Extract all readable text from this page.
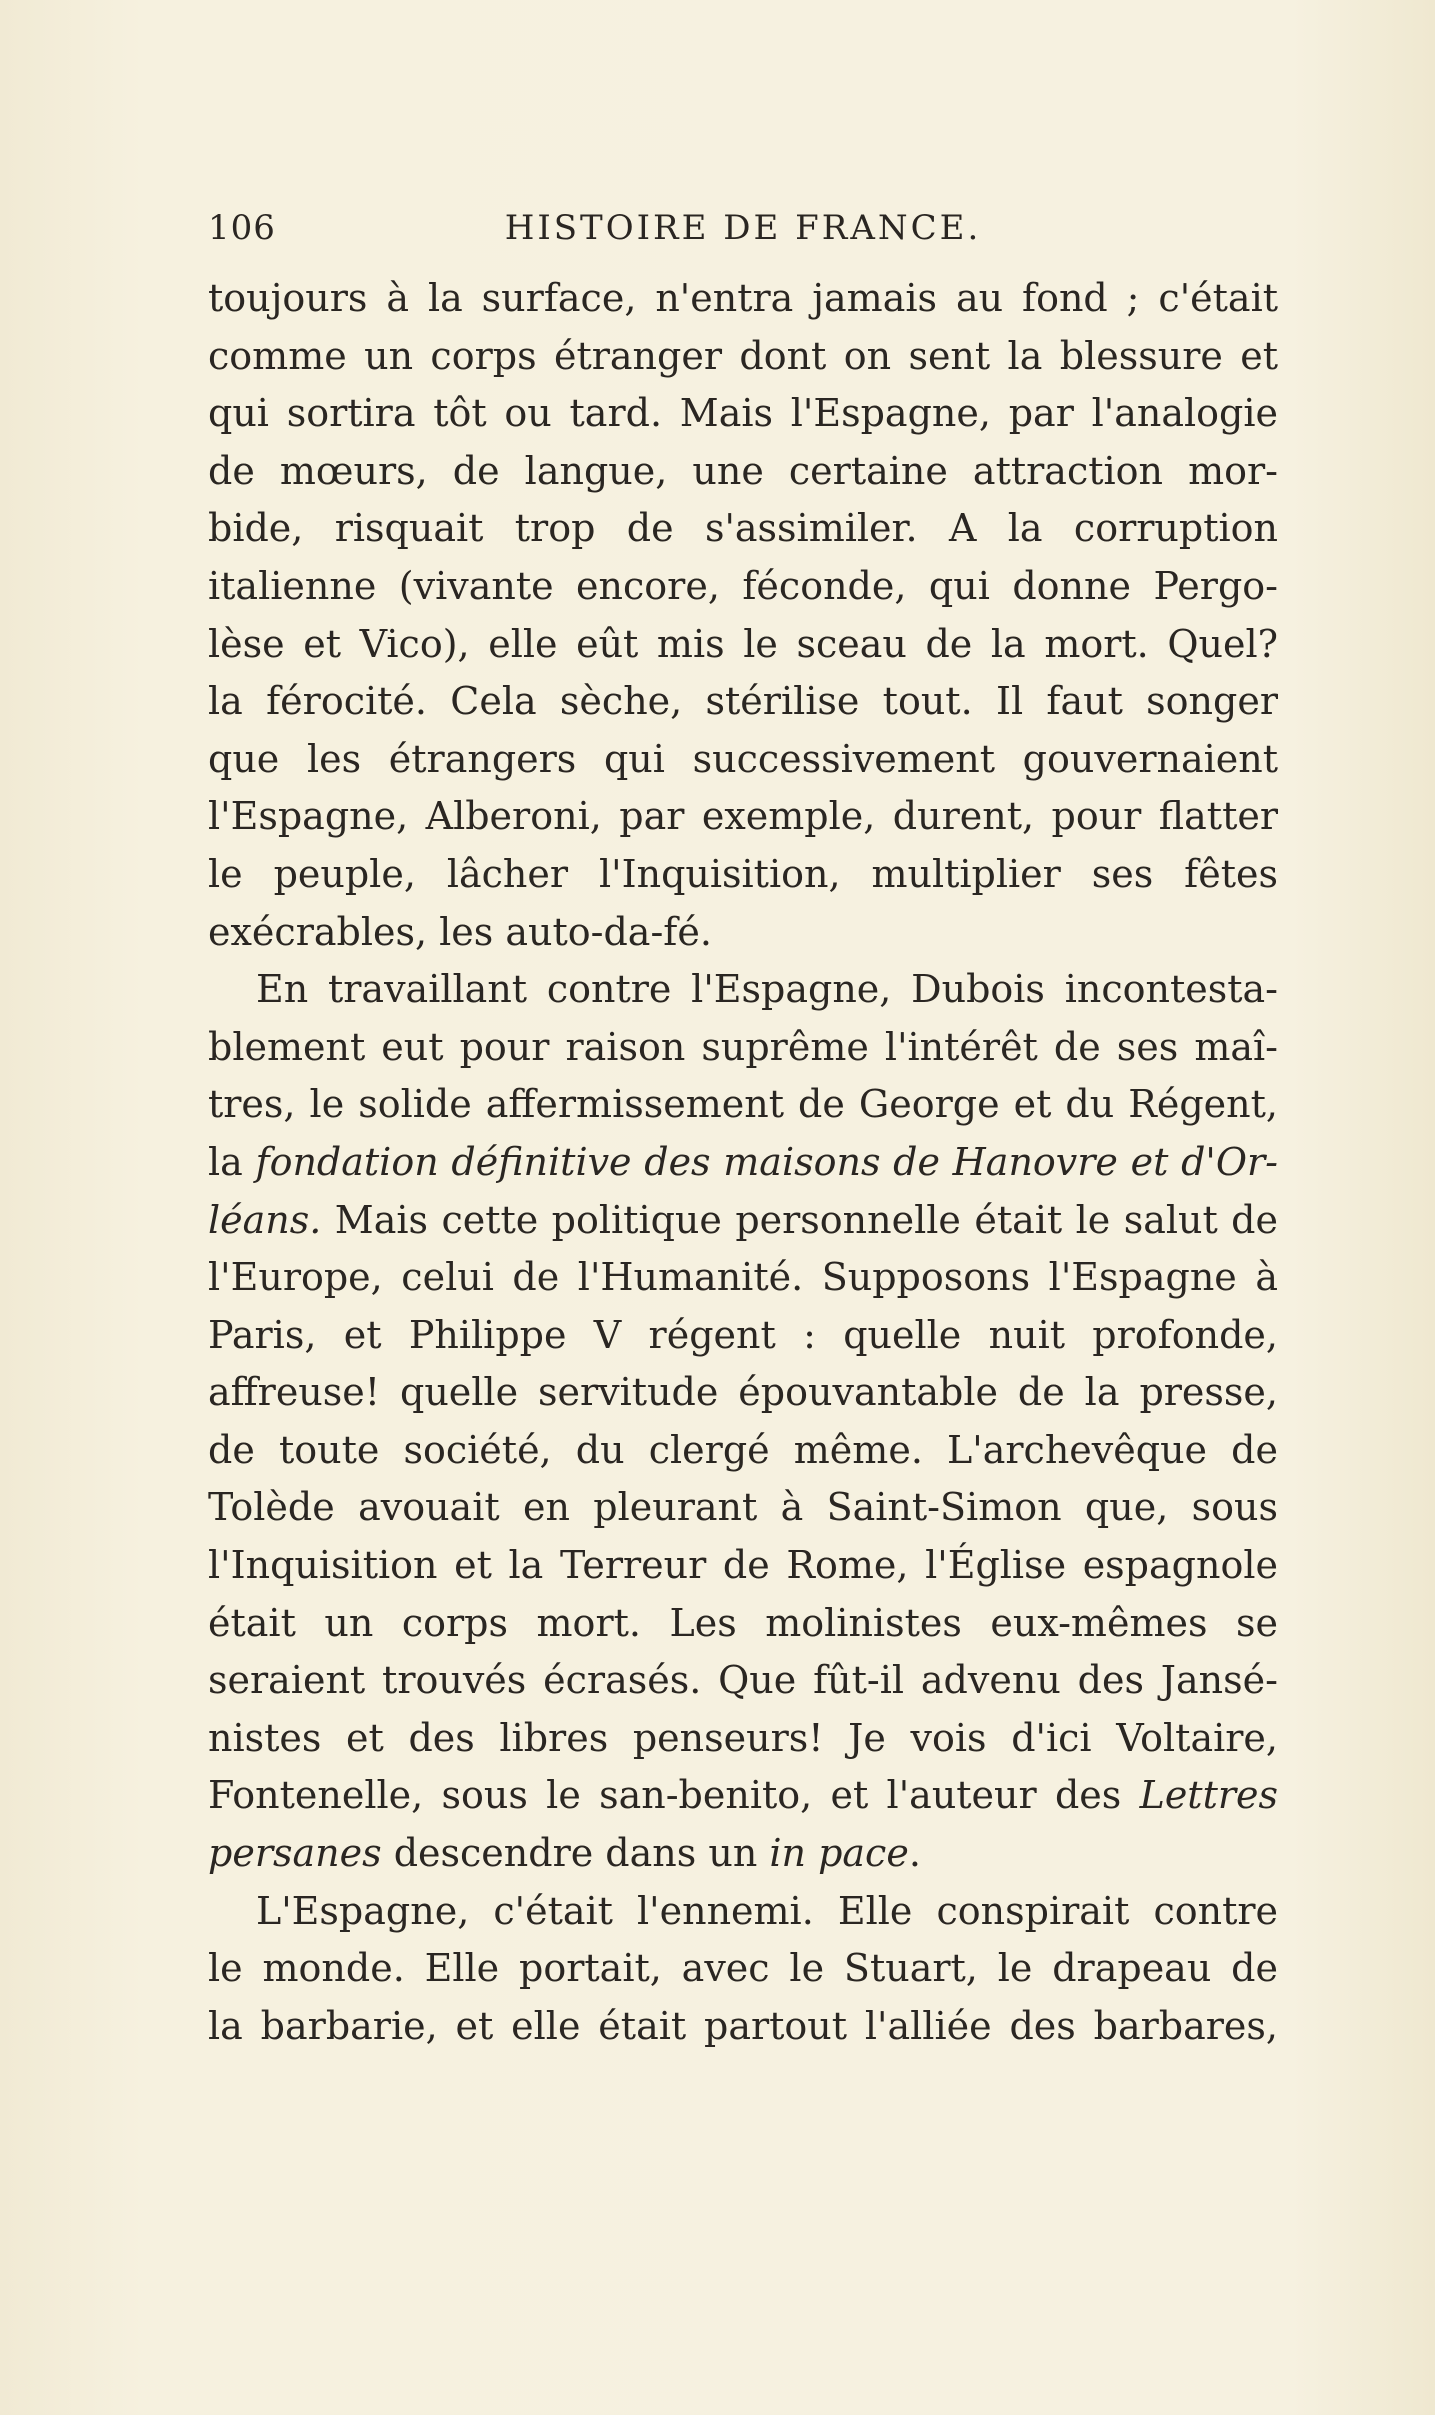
106	HISTOIRE DE FRANCE.
toujours à la surface, n'entra jamais au fond ; c'était
comme un corps étranger dont on sent la blessure et
qui sortira tôt ou tard. Mais l'Espagne, par l'analogie
de mœurs, de langue, une certaine attraction mor-
bide, risquait trop de s'assimiler. A la corruption
italienne (vivante encore, féconde, qui donne Pergo-
lèse et Vico), elle eût mis le sceau de la mort. Quel?
la férocité. Cela sèche, stérilise tout. Il faut songer
que les étrangers qui successivement gouvernaient
l'Espagne, Alberoni, par exemple, durent, pour flatter
le peuple, lâcher l'Inquisition, multiplier ses fêtes
exécrables, les auto-da-fé.
En travaillant contre l'Espagne, Dubois incontesta-
blement eut pour raison suprême l'intérêt de ses maî-
tres, le solide affermissement de George et du Régent,
la fondation définitive des maisons de Hanovre et d'Or-
léans. Mais cette politique personnelle était le salut de
l'Europe, celui de l'Humanité. Supposons l'Espagne à
Paris, et Philippe V régent : quelle nuit profonde,
affreuse! quelle servitude épouvantable de la presse,
de toute société, du clergé même. L'archevêque de
Tolède avouait en pleurant à Saint-Simon que, sous
l'Inquisition et la Terreur de Rome, l'Église espagnole
était un corps mort. Les molinistes eux-mêmes se
seraient trouvés écrasés. Que fût-il advenu des Jansé-
nistes et des libres penseurs! Je vois d'ici Voltaire,
Fontenelle, sous le san-benito, et l'auteur des Lettres
persanes descendre dans un in pace.
L'Espagne, c'était l'ennemi. Elle conspirait contre
le monde. Elle portait, avec le Stuart, le drapeau de
la barbarie, et elle était partout l'alliée des barbares,
